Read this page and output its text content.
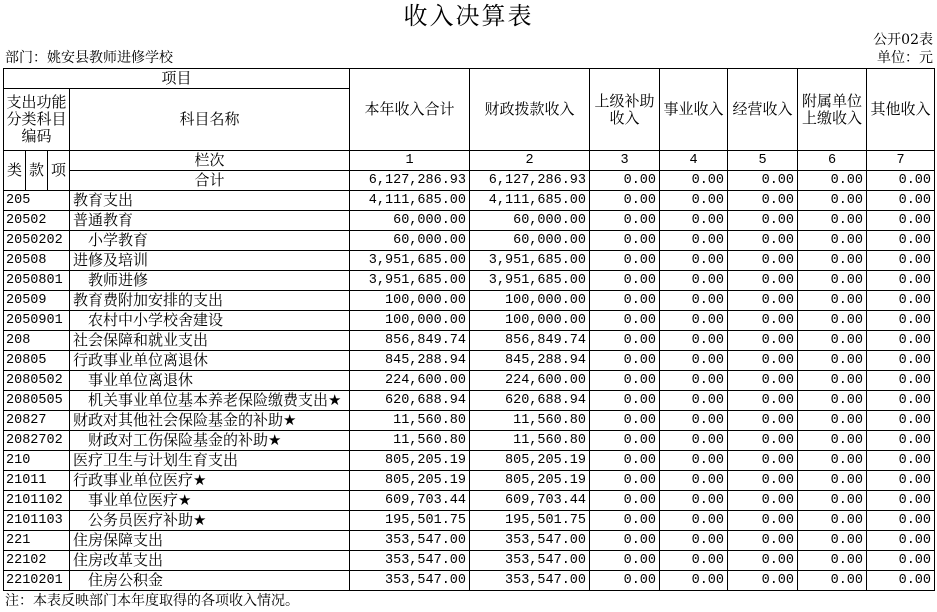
收入决算表
公开02表
部门：姚安县教师进修学校	单位：元
项目				本年收入合计	财政拨款收入	上级补助收入	事业收入	经营收入	附属单位上缴收入	其他收入
支出功能分类科目编码			科目名称							
类	款	项	栏次	1	2	3	4	5	6	7
			合计	6,127,286.93	6,127,286.93	0.00	0.00	0.00	0.00	0.00
205			教育支出	4,111,685.00	4,111,685.00	0.00	0.00	0.00	0.00	0.00
20502			普通教育	60,000.00	60,000.00	0.00	0.00	0.00	0.00	0.00
2050202			小学教育	60,000.00	60,000.00	0.00	0.00	0.00	0.00	0.00
20508			进修及培训	3,951,685.00	3,951,685.00	0.00	0.00	0.00	0.00	0.00
2050801			教师进修	3,951,685.00	3,951,685.00	0.00	0.00	0.00	0.00	0.00
20509			教育费附加安排的支出	100,000.00	100,000.00	0.00	0.00	0.00	0.00	0.00
2050901			农村中小学校舍建设	100,000.00	100,000.00	0.00	0.00	0.00	0.00	0.00
208			社会保障和就业支出	856,849.74	856,849.74	0.00	0.00	0.00	0.00	0.00
20805			行政事业单位离退休	845,288.94	845,288.94	0.00	0.00	0.00	0.00	0.00
2080502			事业单位离退休	224,600.00	224,600.00	0.00	0.00	0.00	0.00	0.00
2080505			机关事业单位基本养老保险缴费支出★	620,688.94	620,688.94	0.00	0.00	0.00	0.00	0.00
20827			财政对其他社会保险基金的补助★	11,560.80	11,560.80	0.00	0.00	0.00	0.00	0.00
2082702			财政对工伤保险基金的补助★	11,560.80	11,560.80	0.00	0.00	0.00	0.00	0.00
210			医疗卫生与计划生育支出	805,205.19	805,205.19	0.00	0.00	0.00	0.00	0.00
21011			行政事业单位医疗★	805,205.19	805,205.19	0.00	0.00	0.00	0.00	0.00
2101102			事业单位医疗★	609,703.44	609,703.44	0.00	0.00	0.00	0.00	0.00
2101103			公务员医疗补助★	195,501.75	195,501.75	0.00	0.00	0.00	0.00	0.00
221			住房保障支出	353,547.00	353,547.00	0.00	0.00	0.00	0.00	0.00
22102			住房改革支出	353,547.00	353,547.00	0.00	0.00	0.00	0.00	0.00
2210201			住房公积金	353,547.00	353,547.00	0.00	0.00	0.00	0.00	0.00
注：本表反映部门本年度取得的各项收入情况。
